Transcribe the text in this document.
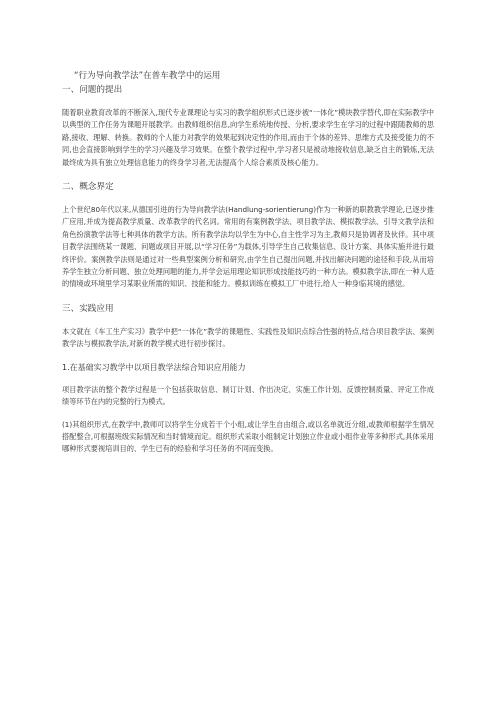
“行为导向教学法”在普车教学中的运用
一、问题的提出

随着职业教育改革的不断深入,现代专业课理论与实习的教学组织形式已逐步被“一体化”模块教学替代,即在实际教学中以典型的工作任务为课题开展教学。由教师组织信息,向学生系统地传授、分析,要求学生在学习的过程中跟随教师的思路,接收、理解、转换。教师的个人能力对教学的效果起到决定性的作用,而由于个体的差异、思维方式及接受能力的不同,也会直接影响到学生的学习兴趣及学习效果。在整个教学过程中,学习者只是被动地接收信息,缺乏自主的锻炼,无法最终成为具有独立处理信息能力的终身学习者,无法提高个人综合素质及核心能力。

二、概念界定

上个世纪80年代以来,从德国引进的行为导向教学法(Handlung-sorientierung)作为一种新的职教教学理论,已逐步推广应用,并成为提高教学质量、改革教学的代名词。常用的有案例教学法、项目教学法、模拟教学法、引导文教学法和角色扮演教学法等七种具体的教学方法。所有教学法均以学生为中心,自主性学习为主,教师只是协调者及伙伴。其中项目教学法围绕某一课题、问题或项目开展,以“学习任务”为载体,引导学生自己收集信息、设计方案、具体实施并进行最终评价。案例教学法则是通过对一些典型案例分析和研究,由学生自己提出问题,并找出解决问题的途径和手段,从而培养学生独立分析问题、独立处理问题的能力,并学会运用理论知识形成技能技巧的一种方法。模拟教学法,即在一种人造的情境或环境里学习某职业所需的知识、技能和能力。模拟训练在模拟工厂中进行,给人一种身临其境的感觉。

三、实践应用

本文就在《车工生产实习》教学中把“一体化”教学的课题性、实践性及知识点综合性强的特点,结合项目教学法、案例教学法与模拟教学法,对新的教学模式进行初步探讨。

1.在基础实习教学中以项目教学法综合知识应用能力

项目教学法的整个教学过程是一个包括获取信息、制订计划、作出决定、实施工作计划、反馈控制质量、评定工作成绩等环节在内的完整的行为模式。

(1)其组织形式,在教学中,教师可以将学生分成若干个小组,或让学生自由组合,或以名单就近分组,或教师根据学生情况搭配整合,可根据班级实际情况和当时情境而定。组织形式采取小组制定计划独立作业或小组作业等多种形式,具体采用哪种形式要视培训目的、学生已有的经验和学习任务的不同而变换。
